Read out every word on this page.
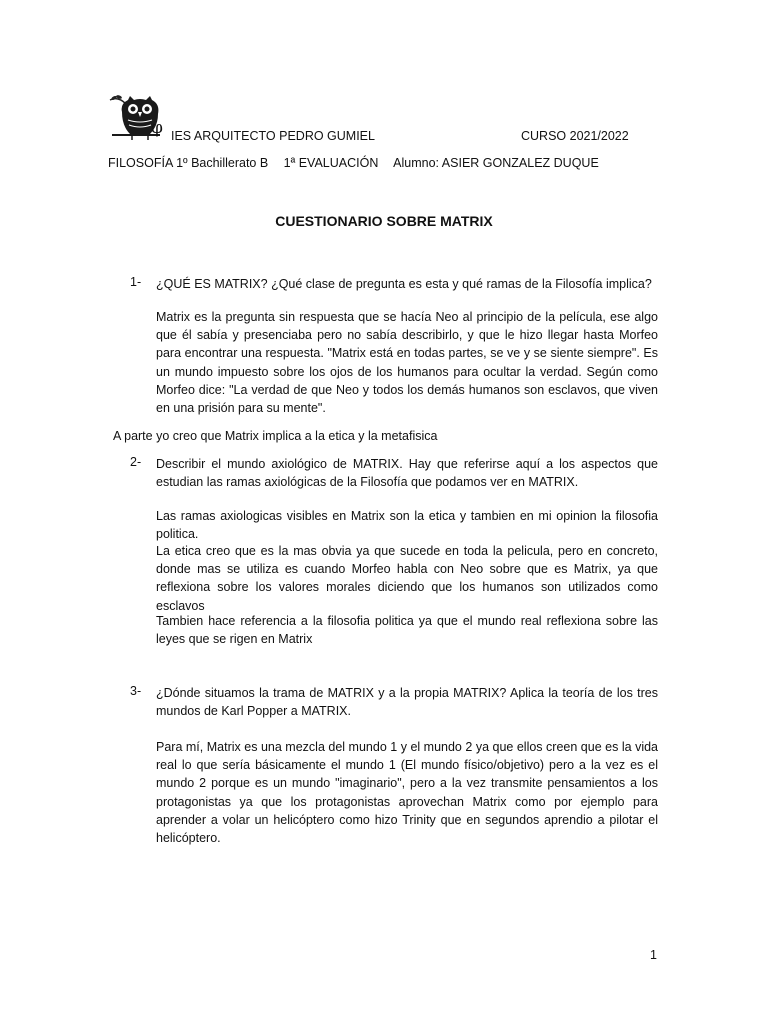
φ IES ARQUITECTO PEDRO GUMIEL	CURSO 2021/2022
FILOSOFÍA 1º Bachillerato B 1ª EVALUACIÓN Alumno: ASIER GONZALEZ DUQUE
CUESTIONARIO SOBRE MATRIX
1- ¿QUÉ ES MATRIX? ¿Qué clase de pregunta es esta y qué ramas de la Filosofía implica?
Matrix es la pregunta sin respuesta que se hacía Neo al principio de la película, ese algo que él sabía y presenciaba pero no sabía describirlo, y que le hizo llegar hasta Morfeo para encontrar una respuesta. "Matrix está en todas partes, se ve y se siente siempre". Es un mundo impuesto sobre los ojos de los humanos para ocultar la verdad. Según como Morfeo dice: "La verdad de que Neo y todos los demás humanos son esclavos, que viven en una prisión para su mente".
A parte yo creo que Matrix implica a la etica y la metafisica
2- Describir el mundo axiológico de MATRIX. Hay que referirse aquí a los aspectos que estudian las ramas axiológicas de la Filosofía que podamos ver en MATRIX.
Las ramas axiologicas visibles en Matrix son la etica y tambien en mi opinion la filosofia politica.
La etica creo que es la mas obvia ya que sucede en toda la pelicula, pero en concreto, donde mas se utiliza es cuando Morfeo habla con Neo sobre que es Matrix, ya que reflexiona sobre los valores morales diciendo que los humanos son utilizados como esclavos
Tambien hace referencia a la filosofia politica ya que el mundo real reflexiona sobre las leyes que se rigen en Matrix
3- ¿Dónde situamos la trama de MATRIX y a la propia MATRIX? Aplica la teoría de los tres mundos de Karl Popper a MATRIX.
Para mí, Matrix es una mezcla del mundo 1 y el mundo 2 ya que ellos creen que es la vida real lo que sería básicamente el mundo 1 (El mundo físico/objetivo) pero a la vez es el mundo 2 porque es un mundo "imaginario", pero a la vez transmite pensamientos a los protagonistas ya que los protagonistas aprovechan Matrix como por ejemplo para aprender a volar un helicóptero como hizo Trinity que en segundos aprendio a pilotar el helicóptero.
1
